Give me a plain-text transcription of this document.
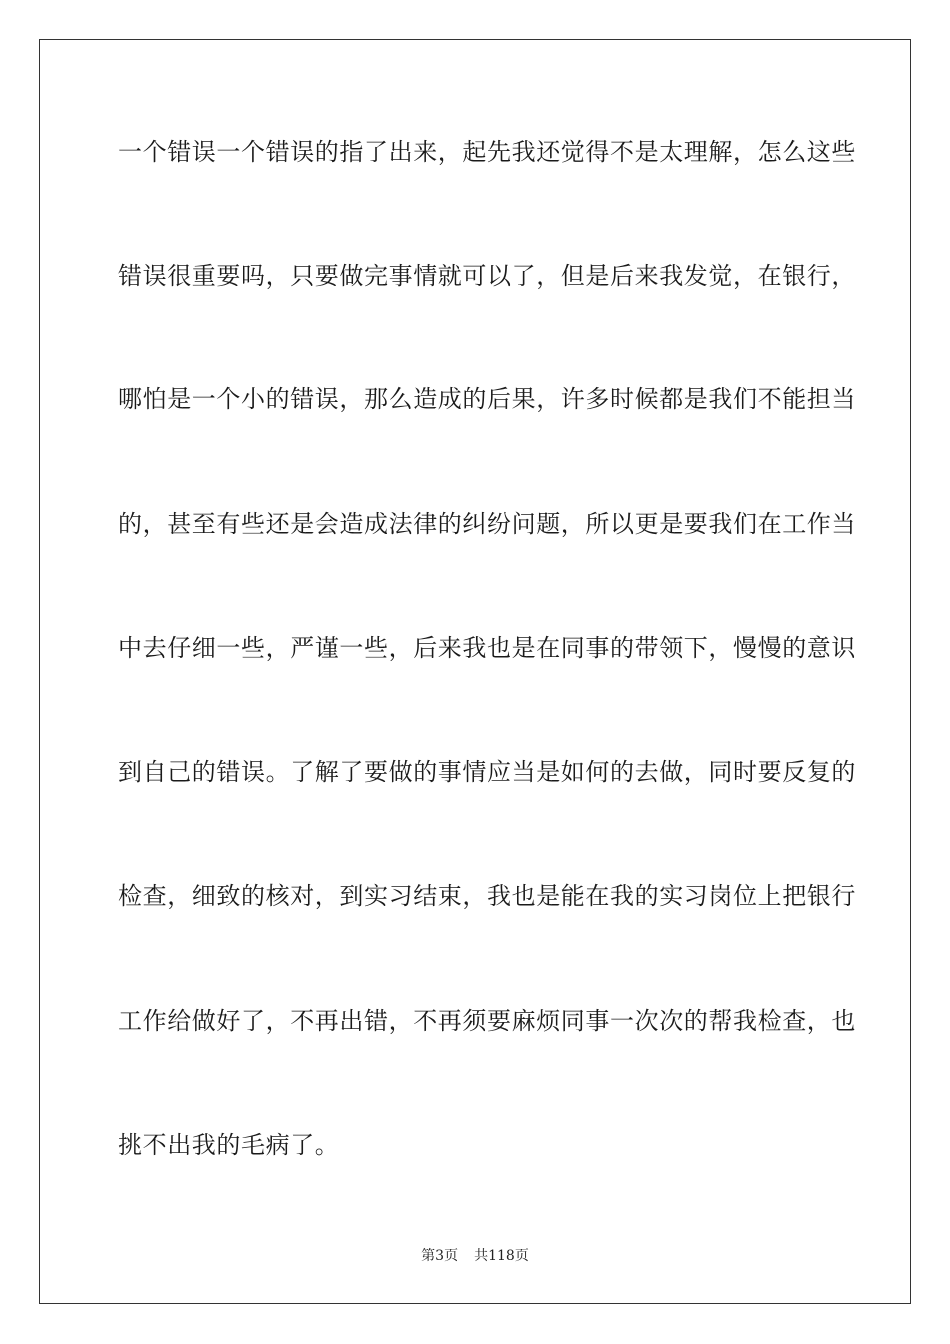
一个错误一个错误的指了出来，起先我还觉得不是太理解，怎么这些
错误很重要吗，只要做完事情就可以了，但是后来我发觉，在银行，
哪怕是一个小的错误，那么造成的后果，许多时候都是我们不能担当
的，甚至有些还是会造成法律的纠纷问题，所以更是要我们在工作当
中去仔细一些，严谨一些，后来我也是在同事的带领下，慢慢的意识
到自己的错误。了解了要做的事情应当是如何的去做，同时要反复的
检查，细致的核对，到实习结束，我也是能在我的实习岗位上把银行
工作给做好了，不再出错，不再须要麻烦同事一次次的帮我检查，也
挑不出我的毛病了。
第3页 共118页
